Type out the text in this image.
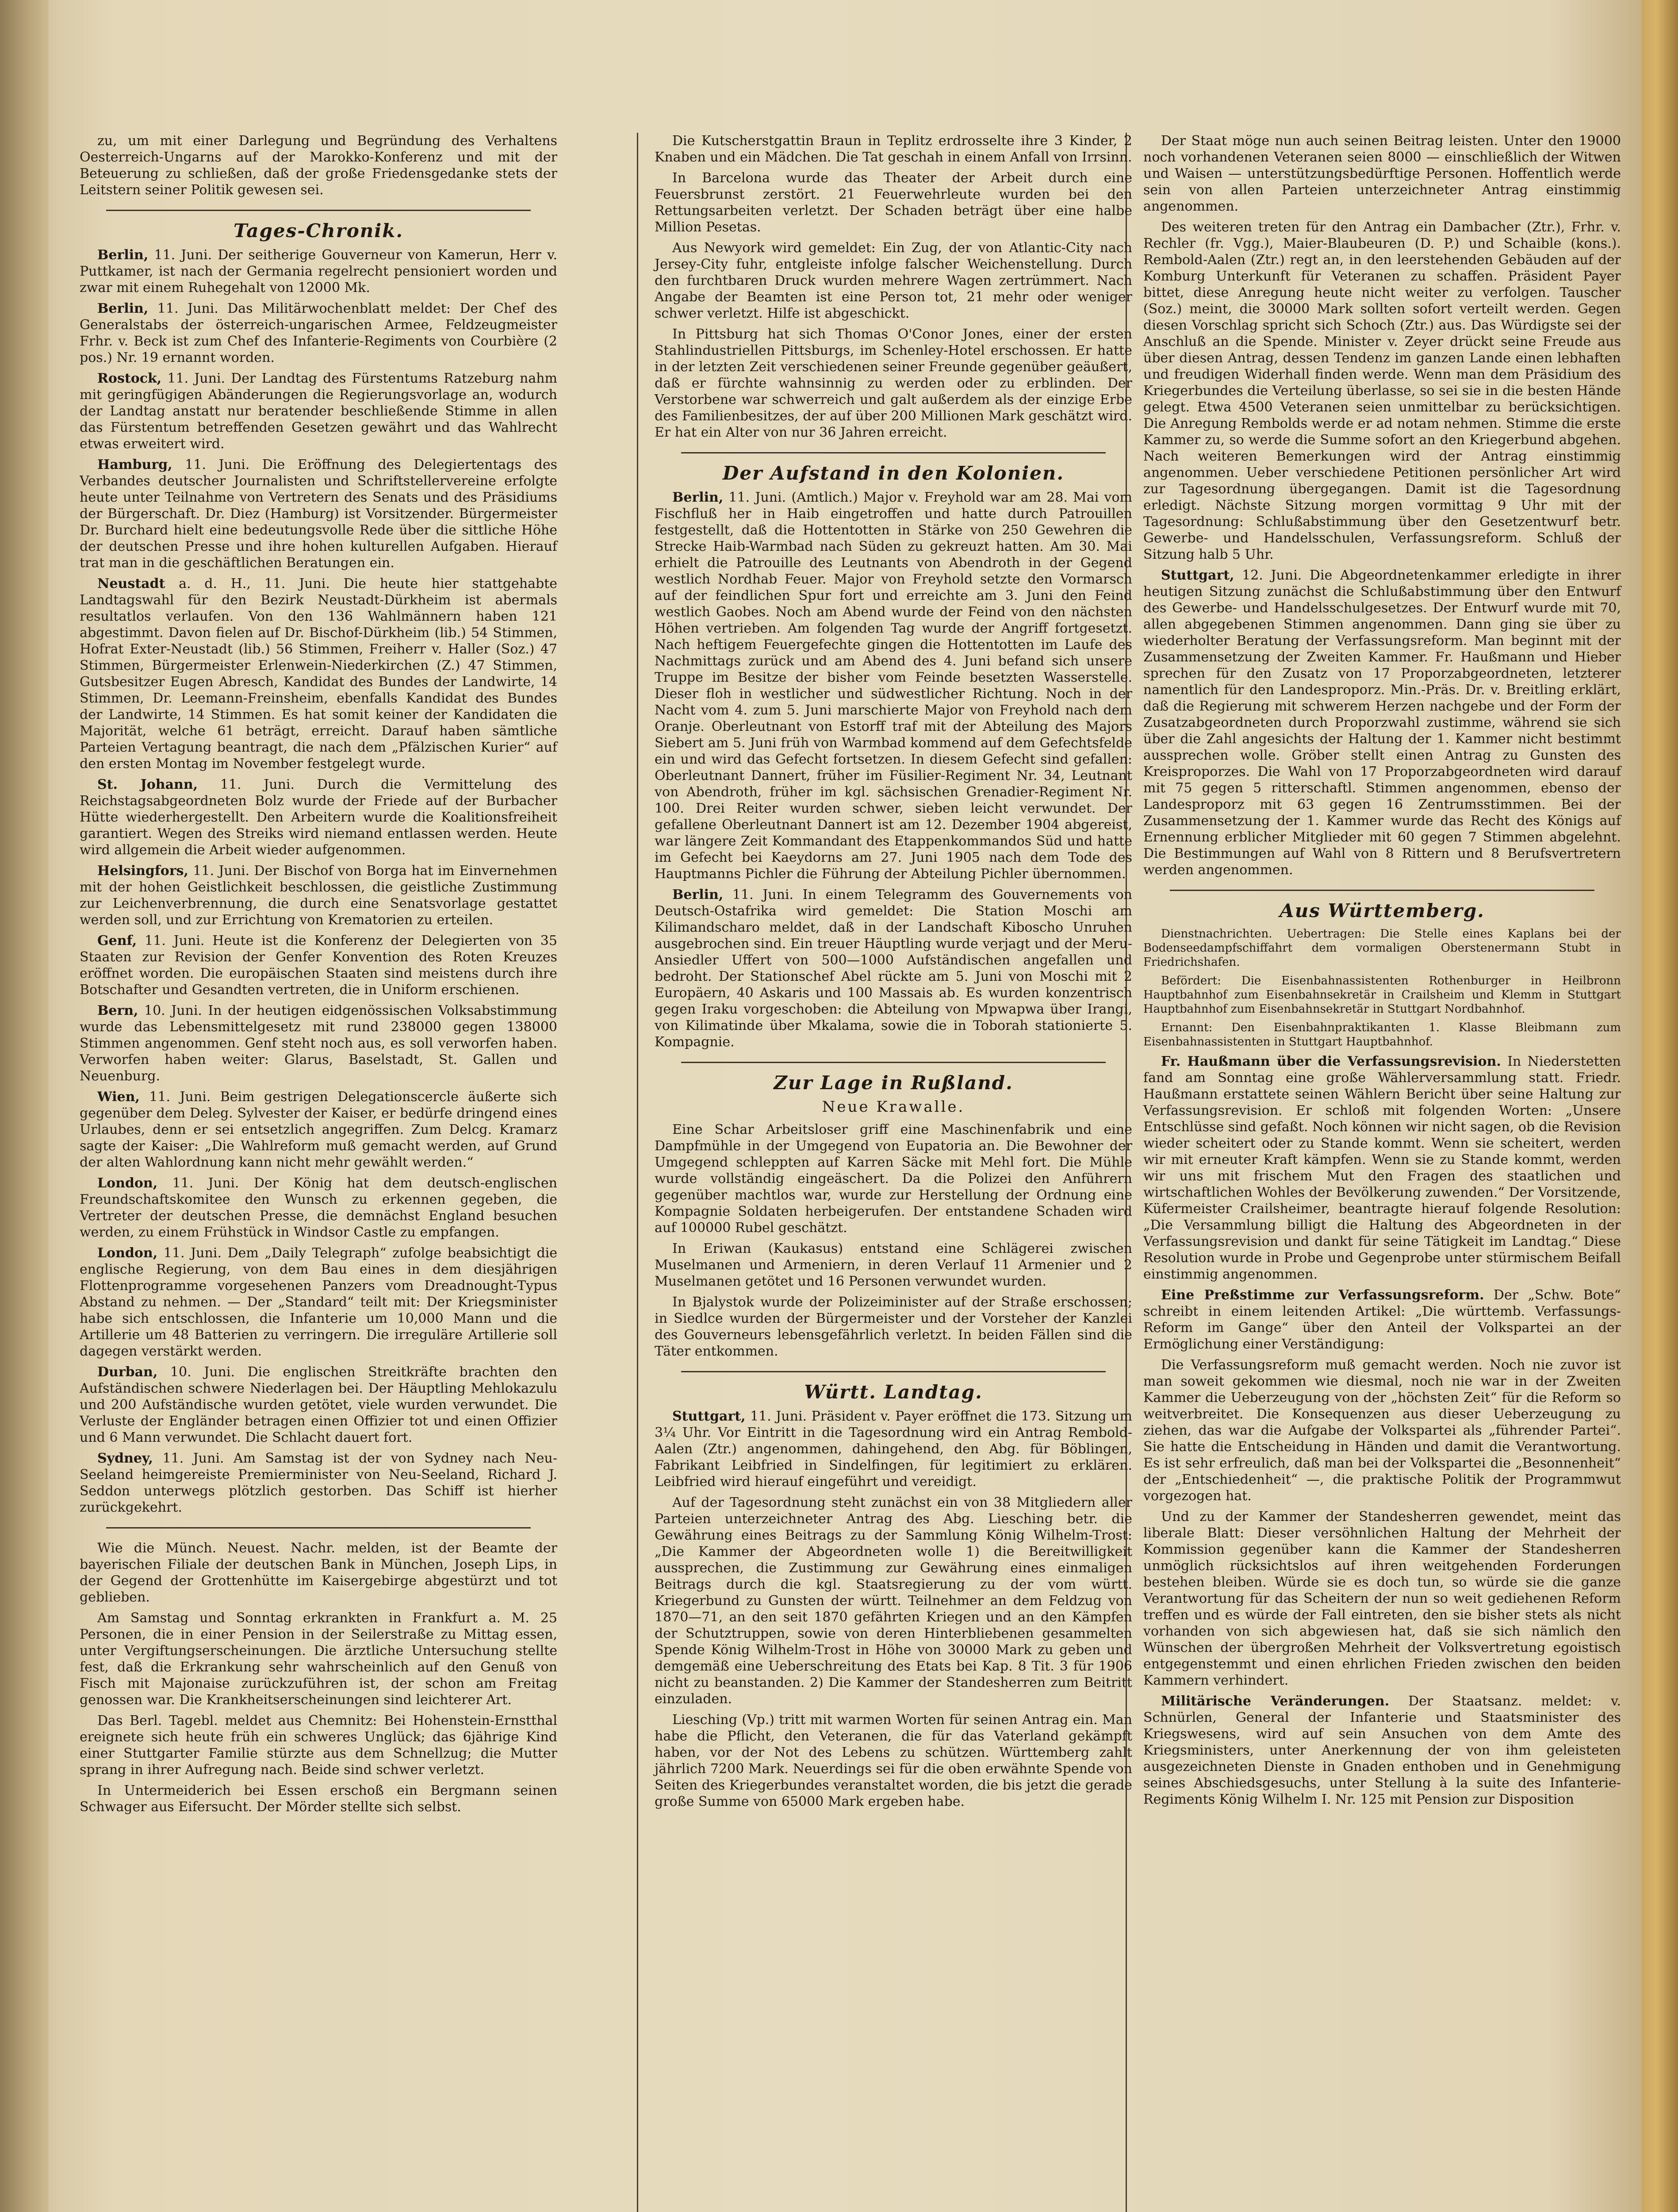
zu, um mit einer Darlegung und Begründung des Verhaltens Oesterreich-Ungarns auf der Marokko-Konferenz und mit der Beteuerung zu schließen, daß der große Friedensgedanke stets der Leitstern seiner Politik gewesen sei.

Tages-Chronik.

Berlin, 11. Juni. Der seitherige Gouverneur von Kamerun, Herr v. Puttkamer, ist nach der Germania regelrecht pensioniert worden und zwar mit einem Ruhegehalt von 12000 Mk.

Berlin, 11. Juni. Das Militärwochenblatt meldet: Der Chef des Generalstabs der österreich-ungarischen Armee, Feldzeugmeister Frhr. v. Beck ist zum Chef des Infanterie-Regiments von Courbière (2 pos.) Nr. 19 ernannt worden.

Rostock, 11. Juni. Der Landtag des Fürstentums Ratzeburg nahm mit geringfügigen Abänderungen die Regierungsvorlage an, wodurch der Landtag anstatt nur beratender beschließende Stimme in allen das Fürstentum betreffenden Gesetzen gewährt und das Wahlrecht etwas erweitert wird.

Hamburg, 11. Juni. Die Eröffnung des Delegiertentags des Verbandes deutscher Journalisten und Schriftstellervereine erfolgte heute unter Teilnahme von Vertretern des Senats und des Präsidiums der Bürgerschaft. Dr. Diez (Hamburg) ist Vorsitzender. Bürgermeister Dr. Burchard hielt eine bedeutungsvolle Rede über die sittliche Höhe der deutschen Presse und ihre hohen kulturellen Aufgaben. Hierauf trat man in die geschäftlichen Beratungen ein.

Neustadt a. d. H., 11. Juni. Die heute hier stattgehabte Landtagswahl für den Bezirk Neustadt-Dürkheim ist abermals resultatlos verlaufen. Von den 136 Wahlmännern haben 121 abgestimmt. Davon fielen auf Dr. Bischof-Dürkheim (lib.) 54 Stimmen, Hofrat Exter-Neustadt (lib.) 56 Stimmen, Freiherr v. Haller (Soz.) 47 Stimmen, Bürgermeister Erlenwein-Niederkirchen (Z.) 47 Stimmen, Gutsbesitzer Eugen Abresch, Kandidat des Bundes der Landwirte, 14 Stimmen, Dr. Leemann-Freinsheim, ebenfalls Kandidat des Bundes der Landwirte, 14 Stimmen. Es hat somit keiner der Kandidaten die Majorität, welche 61 beträgt, erreicht. Darauf haben sämtliche Parteien Vertagung beantragt, die nach dem „Pfälzischen Kurier“ auf den ersten Montag im November festgelegt wurde.

St. Johann, 11. Juni. Durch die Vermittelung des Reichstagsabgeordneten Bolz wurde der Friede auf der Burbacher Hütte wiederhergestellt. Den Arbeitern wurde die Koalitionsfreiheit garantiert. Wegen des Streiks wird niemand entlassen werden. Heute wird allgemein die Arbeit wieder aufgenommen.

Helsingfors, 11. Juni. Der Bischof von Borga hat im Einvernehmen mit der hohen Geistlichkeit beschlossen, die geistliche Zustimmung zur Leichenverbrennung, die durch eine Senatsvorlage gestattet werden soll, und zur Errichtung von Krematorien zu erteilen.

Genf, 11. Juni. Heute ist die Konferenz der Delegierten von 35 Staaten zur Revision der Genfer Konvention des Roten Kreuzes eröffnet worden. Die europäischen Staaten sind meistens durch ihre Botschafter und Gesandten vertreten, die in Uniform erschienen.

Bern, 10. Juni. In der heutigen eidgenössischen Volksabstimmung wurde das Lebensmittelgesetz mit rund 238000 gegen 138000 Stimmen angenommen. Genf steht noch aus, es soll verworfen haben. Verworfen haben weiter: Glarus, Baselstadt, St. Gallen und Neuenburg.

Wien, 11. Juni. Beim gestrigen Delegationscercle äußerte sich gegenüber dem Deleg. Sylvester der Kaiser, er bedürfe dringend eines Urlaubes, denn er sei entsetzlich angegriffen. Zum Delcg. Kramarz sagte der Kaiser: „Die Wahlreform muß gemacht werden, auf Grund der alten Wahlordnung kann nicht mehr gewählt werden.“

London, 11. Juni. Der König hat dem deutsch-englischen Freundschaftskomitee den Wunsch zu erkennen gegeben, die Vertreter der deutschen Presse, die demnächst England besuchen werden, zu einem Frühstück in Windsor Castle zu empfangen.

London, 11. Juni. Dem „Daily Telegraph“ zufolge beabsichtigt die englische Regierung, von dem Bau eines in dem diesjährigen Flottenprogramme vorgesehenen Panzers vom Dreadnought-Typus Abstand zu nehmen. — Der „Standard“ teilt mit: Der Kriegsminister habe sich entschlossen, die Infanterie um 10,000 Mann und die Artillerie um 48 Batterien zu verringern. Die irreguläre Artillerie soll dagegen verstärkt werden.

Durban, 10. Juni. Die englischen Streitkräfte brachten den Aufständischen schwere Niederlagen bei. Der Häuptling Mehlokazulu und 200 Aufständische wurden getötet, viele wurden verwundet. Die Verluste der Engländer betragen einen Offizier tot und einen Offizier und 6 Mann verwundet. Die Schlacht dauert fort.

Sydney, 11. Juni. Am Samstag ist der von Sydney nach Neu-Seeland heimgereiste Premierminister von Neu-Seeland, Richard J. Seddon unterwegs plötzlich gestorben. Das Schiff ist hierher zurückgekehrt.

Wie die Münch. Neuest. Nachr. melden, ist der Beamte der bayerischen Filiale der deutschen Bank in München, Joseph Lips, in der Gegend der Grottenhütte im Kaisergebirge abgestürzt und tot geblieben.

Am Samstag und Sonntag erkrankten in Frankfurt a. M. 25 Personen, die in einer Pension in der Seilerstraße zu Mittag essen, unter Vergiftungserscheinungen. Die ärztliche Untersuchung stellte fest, daß die Erkrankung sehr wahrscheinlich auf den Genuß von Fisch mit Majonaise zurückzuführen ist, der schon am Freitag genossen war. Die Krankheitserscheinungen sind leichterer Art.

Das Berl. Tagebl. meldet aus Chemnitz: Bei Hohenstein-Ernstthal ereignete sich heute früh ein schweres Unglück; das 6jährige Kind einer Stuttgarter Familie stürzte aus dem Schnellzug; die Mutter sprang in ihrer Aufregung nach. Beide sind schwer verletzt.

In Untermeiderich bei Essen erschoß ein Bergmann seinen Schwager aus Eifersucht. Der Mörder stellte sich selbst.

Die Kutscherstgattin Braun in Teplitz erdrosselte ihre 3 Kinder, 2 Knaben und ein Mädchen. Die Tat geschah in einem Anfall von Irrsinn.

In Barcelona wurde das Theater der Arbeit durch eine Feuersbrunst zerstört. 21 Feuerwehrleute wurden bei den Rettungsarbeiten verletzt. Der Schaden beträgt über eine halbe Million Pesetas.

Aus Newyork wird gemeldet: Ein Zug, der von Atlantic-City nach Jersey-City fuhr, entgleiste infolge falscher Weichenstellung. Durch den furchtbaren Druck wurden mehrere Wagen zertrümmert. Nach Angabe der Beamten ist eine Person tot, 21 mehr oder weniger schwer verletzt. Hilfe ist abgeschickt.

In Pittsburg hat sich Thomas O'Conor Jones, einer der ersten Stahlindustriellen Pittsburgs, im Schenley-Hotel erschossen. Er hatte in der letzten Zeit verschiedenen seiner Freunde gegenüber geäußert, daß er fürchte wahnsinnig zu werden oder zu erblinden. Der Verstorbene war schwerreich und galt außerdem als der einzige Erbe des Familienbesitzes, der auf über 200 Millionen Mark geschätzt wird. Er hat ein Alter von nur 36 Jahren erreicht.

Der Aufstand in den Kolonien.

Berlin, 11. Juni. (Amtlich.) Major v. Freyhold war am 28. Mai vom Fischfluß her in Haib eingetroffen und hatte durch Patrouillen festgestellt, daß die Hottentotten in Stärke von 250 Gewehren die Strecke Haib-Warmbad nach Süden zu gekreuzt hatten. Am 30. Mai erhielt die Patrouille des Leutnants von Abendroth in der Gegend westlich Nordhab Feuer. Major von Freyhold setzte den Vormarsch auf der feindlichen Spur fort und erreichte am 3. Juni den Feind westlich Gaobes. Noch am Abend wurde der Feind von den nächsten Höhen vertrieben. Am folgenden Tag wurde der Angriff fortgesetzt. Nach heftigem Feuergefechte gingen die Hottentotten im Laufe des Nachmittags zurück und am Abend des 4. Juni befand sich unsere Truppe im Besitze der bisher vom Feinde besetzten Wasserstelle. Dieser floh in westlicher und südwestlicher Richtung. Noch in der Nacht vom 4. zum 5. Juni marschierte Major von Freyhold nach dem Oranje. Oberleutnant von Estorff traf mit der Abteilung des Majors Siebert am 5. Juni früh von Warmbad kommend auf dem Gefechtsfelde ein und wird das Gefecht fortsetzen. In diesem Gefecht sind gefallen: Oberleutnant Dannert, früher im Füsilier-Regiment Nr. 34, Leutnant von Abendroth, früher im kgl. sächsischen Grenadier-Regiment Nr. 100. Drei Reiter wurden schwer, sieben leicht verwundet. Der gefallene Oberleutnant Dannert ist am 12. Dezember 1904 abgereist, war längere Zeit Kommandant des Etappenkommandos Süd und hatte im Gefecht bei Kaeydorns am 27. Juni 1905 nach dem Tode des Hauptmanns Pichler die Führung der Abteilung Pichler übernommen.

Berlin, 11. Juni. In einem Telegramm des Gouvernements von Deutsch-Ostafrika wird gemeldet: Die Station Moschi am Kilimandscharo meldet, daß in der Landschaft Kiboscho Unruhen ausgebrochen sind. Ein treuer Häuptling wurde verjagt und der Meru-Ansiedler Uffert von 500—1000 Aufständischen angefallen und bedroht. Der Stationschef Abel rückte am 5. Juni von Moschi mit 2 Europäern, 40 Askaris und 100 Massais ab. Es wurden konzentrisch gegen Iraku vorgeschoben: die Abteilung von Mpwapwa über Irangi, von Kilimatinde über Mkalama, sowie die in Toborah stationierte 5. Kompagnie.

Zur Lage in Rußland.
Neue Krawalle.

Eine Schar Arbeitsloser griff eine Maschinenfabrik und eine Dampfmühle in der Umgegend von Eupatoria an. Die Bewohner der Umgegend schleppten auf Karren Säcke mit Mehl fort. Die Mühle wurde vollständig eingeäschert. Da die Polizei den Anführern gegenüber machtlos war, wurde zur Herstellung der Ordnung eine Kompagnie Soldaten herbeigerufen. Der entstandene Schaden wird auf 100000 Rubel geschätzt.

In Eriwan (Kaukasus) entstand eine Schlägerei zwischen Muselmanen und Armeniern, in deren Verlauf 11 Armenier und 2 Muselmanen getötet und 16 Personen verwundet wurden.

In Bjalystok wurde der Polizeiminister auf der Straße erschossen; in Siedlce wurden der Bürgermeister und der Vorsteher der Kanzlei des Gouverneurs lebensgefährlich verletzt. In beiden Fällen sind die Täter entkommen.

Württ. Landtag.

Stuttgart, 11. Juni. Präsident v. Payer eröffnet die 173. Sitzung um 3¼ Uhr. Vor Eintritt in die Tagesordnung wird ein Antrag Rembold-Aalen (Ztr.) angenommen, dahingehend, den Abg. für Böblingen, Fabrikant Leibfried in Sindelfingen, für legitimiert zu erklären. Leibfried wird hierauf eingeführt und vereidigt.

Auf der Tagesordnung steht zunächst ein von 38 Mitgliedern aller Parteien unterzeichneter Antrag des Abg. Liesching betr. die Gewährung eines Beitrags zu der Sammlung König Wilhelm-Trost: „Die Kammer der Abgeordneten wolle 1) die Bereitwilligkeit aussprechen, die Zustimmung zur Gewährung eines einmaligen Beitrags durch die kgl. Staatsregierung zu der vom württ. Kriegerbund zu Gunsten der württ. Teilnehmer an dem Feldzug von 1870—71, an den seit 1870 gefährten Kriegen und an den Kämpfen der Schutztruppen, sowie von deren Hinterbliebenen gesammelten Spende König Wilhelm-Trost in Höhe von 30000 Mark zu geben und demgemäß eine Ueberschreitung des Etats bei Kap. 8 Tit. 3 für 1906 nicht zu beanstanden. 2) Die Kammer der Standesherren zum Beitritt einzuladen.

Liesching (Vp.) tritt mit warmen Worten für seinen Antrag ein. Man habe die Pflicht, den Veteranen, die für das Vaterland gekämpft haben, vor der Not des Lebens zu schützen. Württemberg zahlt jährlich 7200 Mark. Neuerdings sei für die oben erwähnte Spende von Seiten des Kriegerbundes veranstaltet worden, die bis jetzt die gerade große Summe von 65000 Mark ergeben habe.

Der Staat möge nun auch seinen Beitrag leisten. Unter den 19000 noch vorhandenen Veteranen seien 8000 — einschließlich der Witwen und Waisen — unterstützungsbedürftige Personen. Hoffentlich werde sein von allen Parteien unterzeichneter Antrag einstimmig angenommen.

Des weiteren treten für den Antrag ein Dambacher (Ztr.), Frhr. v. Rechler (fr. Vgg.), Maier-Blaubeuren (D. P.) und Schaible (kons.). Rembold-Aalen (Ztr.) regt an, in den leerstehenden Gebäuden auf der Komburg Unterkunft für Veteranen zu schaffen. Präsident Payer bittet, diese Anregung heute nicht weiter zu verfolgen. Tauscher (Soz.) meint, die 30000 Mark sollten sofort verteilt werden. Gegen diesen Vorschlag spricht sich Schoch (Ztr.) aus. Das Würdigste sei der Anschluß an die Spende. Minister v. Zeyer drückt seine Freude aus über diesen Antrag, dessen Tendenz im ganzen Lande einen lebhaften und freudigen Widerhall finden werde. Wenn man dem Präsidium des Kriegerbundes die Verteilung überlasse, so sei sie in die besten Hände gelegt. Etwa 4500 Veteranen seien unmittelbar zu berücksichtigen. Die Anregung Rembolds werde er ad notam nehmen. Stimme die erste Kammer zu, so werde die Summe sofort an den Kriegerbund abgehen. Nach weiteren Bemerkungen wird der Antrag einstimmig angenommen. Ueber verschiedene Petitionen persönlicher Art wird zur Tagesordnung übergegangen. Damit ist die Tagesordnung erledigt. Nächste Sitzung morgen vormittag 9 Uhr mit der Tagesordnung: Schlußabstimmung über den Gesetzentwurf betr. Gewerbe- und Handelsschulen, Verfassungsreform. Schluß der Sitzung halb 5 Uhr.

Stuttgart, 12. Juni. Die Abgeordnetenkammer erledigte in ihrer heutigen Sitzung zunächst die Schlußabstimmung über den Entwurf des Gewerbe- und Handelsschulgesetzes. Der Entwurf wurde mit 70, allen abgegebenen Stimmen angenommen. Dann ging sie über zu wiederholter Beratung der Verfassungsreform. Man beginnt mit der Zusammensetzung der Zweiten Kammer. Fr. Haußmann und Hieber sprechen für den Zusatz von 17 Proporzabgeordneten, letzterer namentlich für den Landesproporz. Min.-Präs. Dr. v. Breitling erklärt, daß die Regierung mit schwerem Herzen nachgebe und der Form der Zusatzabgeordneten durch Proporzwahl zustimme, während sie sich über die Zahl angesichts der Haltung der 1. Kammer nicht bestimmt aussprechen wolle. Gröber stellt einen Antrag zu Gunsten des Kreisproporzes. Die Wahl von 17 Proporzabgeordneten wird darauf mit 75 gegen 5 ritterschaftl. Stimmen angenommen, ebenso der Landesproporz mit 63 gegen 16 Zentrumsstimmen. Bei der Zusammensetzung der 1. Kammer wurde das Recht des Königs auf Ernennung erblicher Mitglieder mit 60 gegen 7 Stimmen abgelehnt. Die Bestimmungen auf Wahl von 8 Rittern und 8 Berufsvertretern werden angenommen.

Aus Württemberg.

Dienstnachrichten. Uebertragen: Die Stelle eines Kaplans bei der Bodenseedampfschiffahrt dem vormaligen Oberstenermann Stubt in Friedrichshafen.

Befördert: Die Eisenbahnassistenten Rothenburger in Heilbronn Hauptbahnhof zum Eisenbahnsekretär in Crailsheim und Klemm in Stuttgart Hauptbahnhof zum Eisenbahnsekretär in Stuttgart Nordbahnhof.

Ernannt: Den Eisenbahnpraktikanten 1. Klasse Bleibmann zum Eisenbahnassistenten in Stuttgart Hauptbahnhof.

Fr. Haußmann über die Verfassungsrevision. In Niederstetten fand am Sonntag eine große Wählerversammlung statt. Friedr. Haußmann erstattete seinen Wählern Bericht über seine Haltung zur Verfassungsrevision. Er schloß mit folgenden Worten: „Unsere Entschlüsse sind gefaßt. Noch können wir nicht sagen, ob die Revision wieder scheitert oder zu Stande kommt. Wenn sie scheitert, werden wir mit erneuter Kraft kämpfen. Wenn sie zu Stande kommt, werden wir uns mit frischem Mut den Fragen des staatlichen und wirtschaftlichen Wohles der Bevölkerung zuwenden.“ Der Vorsitzende, Küfermeister Crailsheimer, beantragte hierauf folgende Resolution: „Die Versammlung billigt die Haltung des Abgeordneten in der Verfassungsrevision und dankt für seine Tätigkeit im Landtag.“ Diese Resolution wurde in Probe und Gegenprobe unter stürmischem Beifall einstimmig angenommen.

Eine Preßstimme zur Verfassungsreform. Der „Schw. Bote“ schreibt in einem leitenden Artikel: „Die württemb. Verfassungs-Reform im Gange“ über den Anteil der Volkspartei an der Ermöglichung einer Verständigung:

Die Verfassungsreform muß gemacht werden. Noch nie zuvor ist man soweit gekommen wie diesmal, noch nie war in der Zweiten Kammer die Ueberzeugung von der „höchsten Zeit“ für die Reform so weitverbreitet. Die Konsequenzen aus dieser Ueberzeugung zu ziehen, das war die Aufgabe der Volkspartei als „führender Partei“. Sie hatte die Entscheidung in Händen und damit die Verantwortung. Es ist sehr erfreulich, daß man bei der Volkspartei die „Besonnenheit“ der „Entschiedenheit“ —, die praktische Politik der Programmwut vorgezogen hat.

Und zu der Kammer der Standesherren gewendet, meint das liberale Blatt: Dieser versöhnlichen Haltung der Mehrheit der Kommission gegenüber kann die Kammer der Standesherren unmöglich rücksichtslos auf ihren weitgehenden Forderungen bestehen bleiben. Würde sie es doch tun, so würde sie die ganze Verantwortung für das Scheitern der nun so weit gediehenen Reform treffen und es würde der Fall eintreten, den sie bisher stets als nicht vorhanden von sich abgewiesen hat, daß sie sich nämlich den Wünschen der übergroßen Mehrheit der Volksvertretung egoistisch entgegenstemmt und einen ehrlichen Frieden zwischen den beiden Kammern verhindert.

Militärische Veränderungen. Der Staatsanz. meldet: v. Schnürlen, General der Infanterie und Staatsminister des Kriegswesens, wird auf sein Ansuchen von dem Amte des Kriegsministers, unter Anerkennung der von ihm geleisteten ausgezeichneten Dienste in Gnaden enthoben und in Genehmigung seines Abschiedsgesuchs, unter Stellung à la suite des Infanterie-Regiments König Wilhelm I. Nr. 125 mit Pension zur Disposition
